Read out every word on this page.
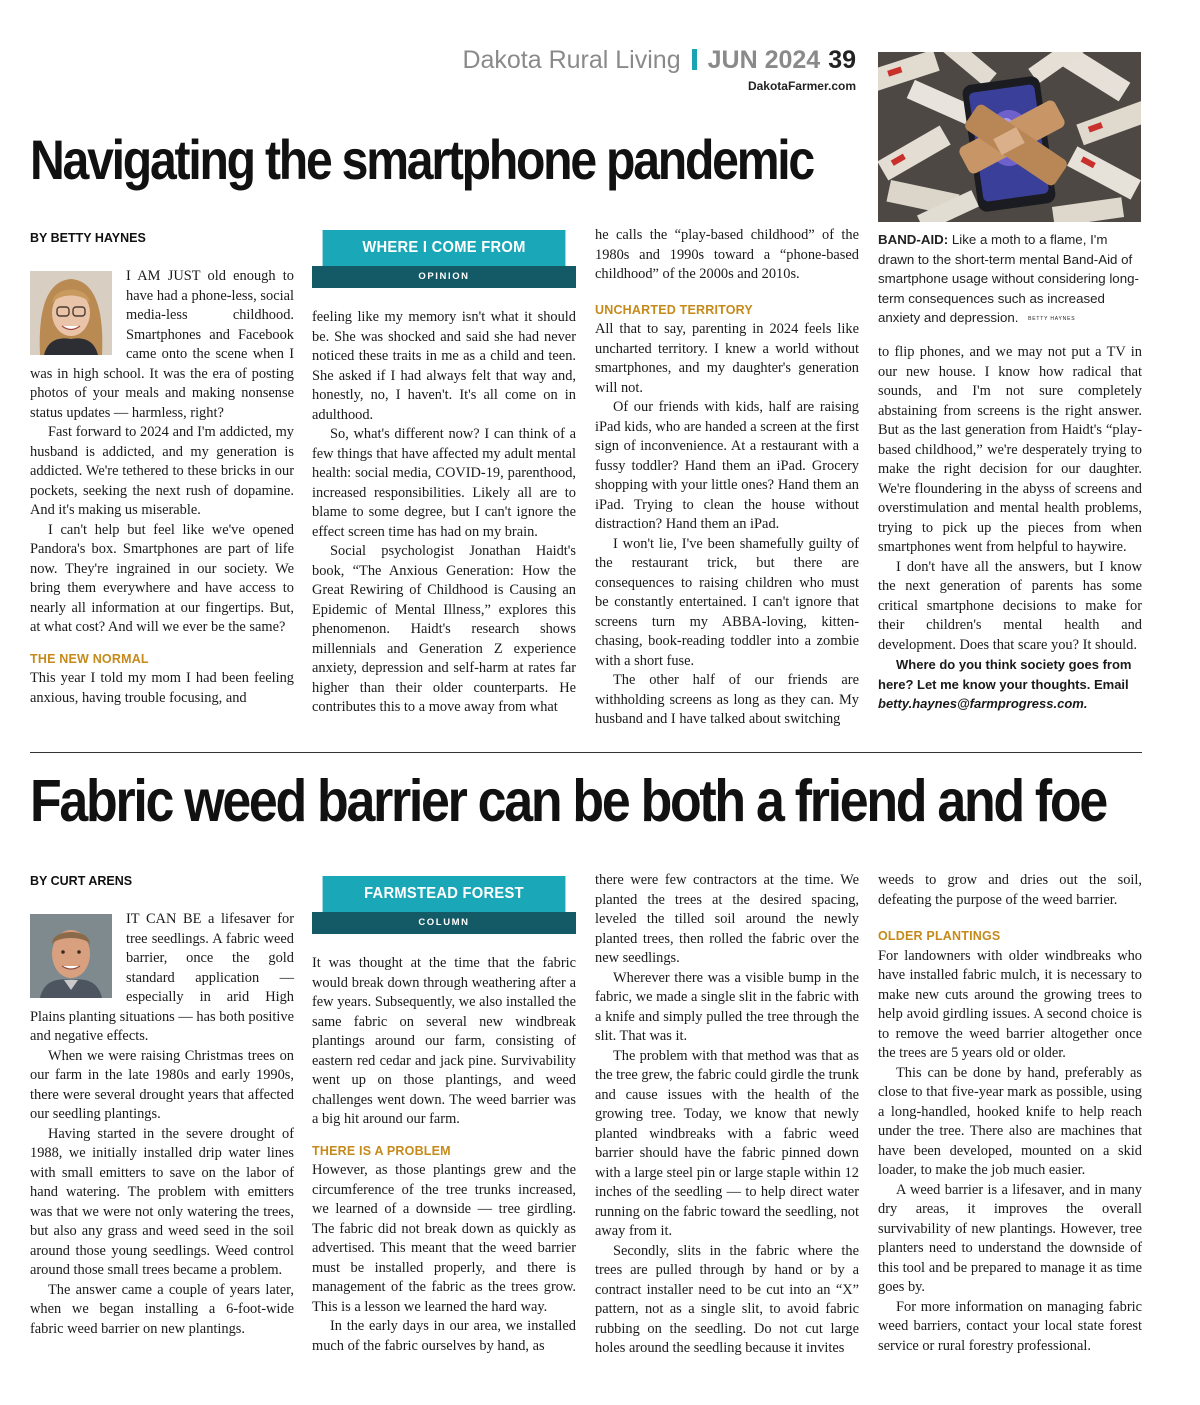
Dakota Rural Living JUN 2024 39
DakotaFarmer.com
Navigating the smartphone pandemic
BAND-AID: Like a moth to a flame, I'm drawn to the short-term mental Band-Aid of smartphone usage without considering long-term consequences such as increased anxiety and depression. BETTY HAYNES
BY BETTY HAYNES

I AM JUST old enough to have had a phone-less, social media-less childhood. Smartphones and Facebook came onto the scene when I was in high school. It was the era of posting photos of your meals and making nonsense status updates — harmless, right?

Fast forward to 2024 and I'm addicted, my husband is addicted, and my generation is addicted. We're tethered to these bricks in our pockets, seeking the next rush of dopamine. And it's making us miserable.

I can't help but feel like we've opened Pandora's box. Smartphones are part of life now. They're ingrained in our society. We bring them everywhere and have access to nearly all information at our fingertips. But, at what cost? And will we ever be the same?

THE NEW NORMAL

This year I told my mom I had been feeling anxious, having trouble focusing, and

WHERE I COME FROM
OPINION

feeling like my memory isn't what it should be. She was shocked and said she had never noticed these traits in me as a child and teen. She asked if I had always felt that way and, honestly, no, I haven't. It's all come on in adulthood.

So, what's different now? I can think of a few things that have affected my adult mental health: social media, COVID-19, parenthood, increased responsibilities. Likely all are to blame to some degree, but I can't ignore the effect screen time has had on my brain.

Social psychologist Jonathan Haidt's book, “The Anxious Generation: How the Great Rewiring of Childhood is Causing an Epidemic of Mental Illness,” explores this phenomenon. Haidt's research shows millennials and Generation Z experience anxiety, depression and self-harm at rates far higher than their older counterparts. He contributes this to a move away from what

he calls the “play-based childhood” of the 1980s and 1990s toward a “phone-based childhood” of the 2000s and 2010s.

UNCHARTED TERRITORY

All that to say, parenting in 2024 feels like uncharted territory. I knew a world without smartphones, and my daughter's generation will not.

Of our friends with kids, half are raising iPad kids, who are handed a screen at the first sign of inconvenience. At a restaurant with a fussy toddler? Hand them an iPad. Grocery shopping with your little ones? Hand them an iPad. Trying to clean the house without distraction? Hand them an iPad.

I won't lie, I've been shamefully guilty of the restaurant trick, but there are consequences to raising children who must be constantly entertained. I can't ignore that screens turn my ABBA-loving, kitten-chasing, book-reading toddler into a zombie with a short fuse.

The other half of our friends are withholding screens as long as they can. My husband and I have talked about switching

to flip phones, and we may not put a TV in our new house. I know how radical that sounds, and I'm not sure completely abstaining from screens is the right answer. But as the last generation from Haidt's “play-based childhood,” we're desperately trying to make the right decision for our daughter. We're floundering in the abyss of screens and overstimulation and mental health problems, trying to pick up the pieces from when smartphones went from helpful to haywire.

I don't have all the answers, but I know the next generation of parents has some critical smartphone decisions to make for their children's mental health and development. Does that scare you? It should.

Where do you think society goes from here? Let me know your thoughts. Email betty.haynes@farmprogress.com.
Fabric weed barrier can be both a friend and foe
BY CURT ARENS

IT CAN BE a lifesaver for tree seedlings. A fabric weed barrier, once the gold standard application — especially in arid High Plains planting situations — has both positive and negative effects.

When we were raising Christmas trees on our farm in the late 1980s and early 1990s, there were several drought years that affected our seedling plantings.

Having started in the severe drought of 1988, we initially installed drip water lines with small emitters to save on the labor of hand watering. The problem with emitters was that we were not only watering the trees, but also any grass and weed seed in the soil around those young seedlings. Weed control around those small trees became a problem.

The answer came a couple of years later, when we began installing a 6-foot-wide fabric weed barrier on new plantings.

FARMSTEAD FOREST
COLUMN

It was thought at the time that the fabric would break down through weathering after a few years. Subsequently, we also installed the same fabric on several new windbreak plantings around our farm, consisting of eastern red cedar and jack pine. Survivability went up on those plantings, and weed challenges went down. The weed barrier was a big hit around our farm.

THERE IS A PROBLEM

However, as those plantings grew and the circumference of the tree trunks increased, we learned of a downside — tree girdling. The fabric did not break down as quickly as advertised. This meant that the weed barrier must be installed properly, and there is management of the fabric as the trees grow. This is a lesson we learned the hard way.

In the early days in our area, we installed much of the fabric ourselves by hand, as

there were few contractors at the time. We planted the trees at the desired spacing, leveled the tilled soil around the newly planted trees, then rolled the fabric over the new seedlings.

Wherever there was a visible bump in the fabric, we made a single slit in the fabric with a knife and simply pulled the tree through the slit. That was it.

The problem with that method was that as the tree grew, the fabric could girdle the trunk and cause issues with the health of the growing tree. Today, we know that newly planted windbreaks with a fabric weed barrier should have the fabric pinned down with a large steel pin or large staple within 12 inches of the seedling — to help direct water running on the fabric toward the seedling, not away from it.

Secondly, slits in the fabric where the trees are pulled through by hand or by a contract installer need to be cut into an “X” pattern, not as a single slit, to avoid fabric rubbing on the seedling. Do not cut large holes around the seedling because it invites

weeds to grow and dries out the soil, defeating the purpose of the weed barrier.

OLDER PLANTINGS

For landowners with older windbreaks who have installed fabric mulch, it is necessary to make new cuts around the growing trees to help avoid girdling issues. A second choice is to remove the weed barrier altogether once the trees are 5 years old or older.

This can be done by hand, preferably as close to that five-year mark as possible, using a long-handled, hooked knife to help reach under the tree. There also are machines that have been developed, mounted on a skid loader, to make the job much easier.

A weed barrier is a lifesaver, and in many dry areas, it improves the overall survivability of new plantings. However, tree planters need to understand the downside of this tool and be prepared to manage it as time goes by.

For more information on managing fabric weed barriers, contact your local state forest service or rural forestry professional.
